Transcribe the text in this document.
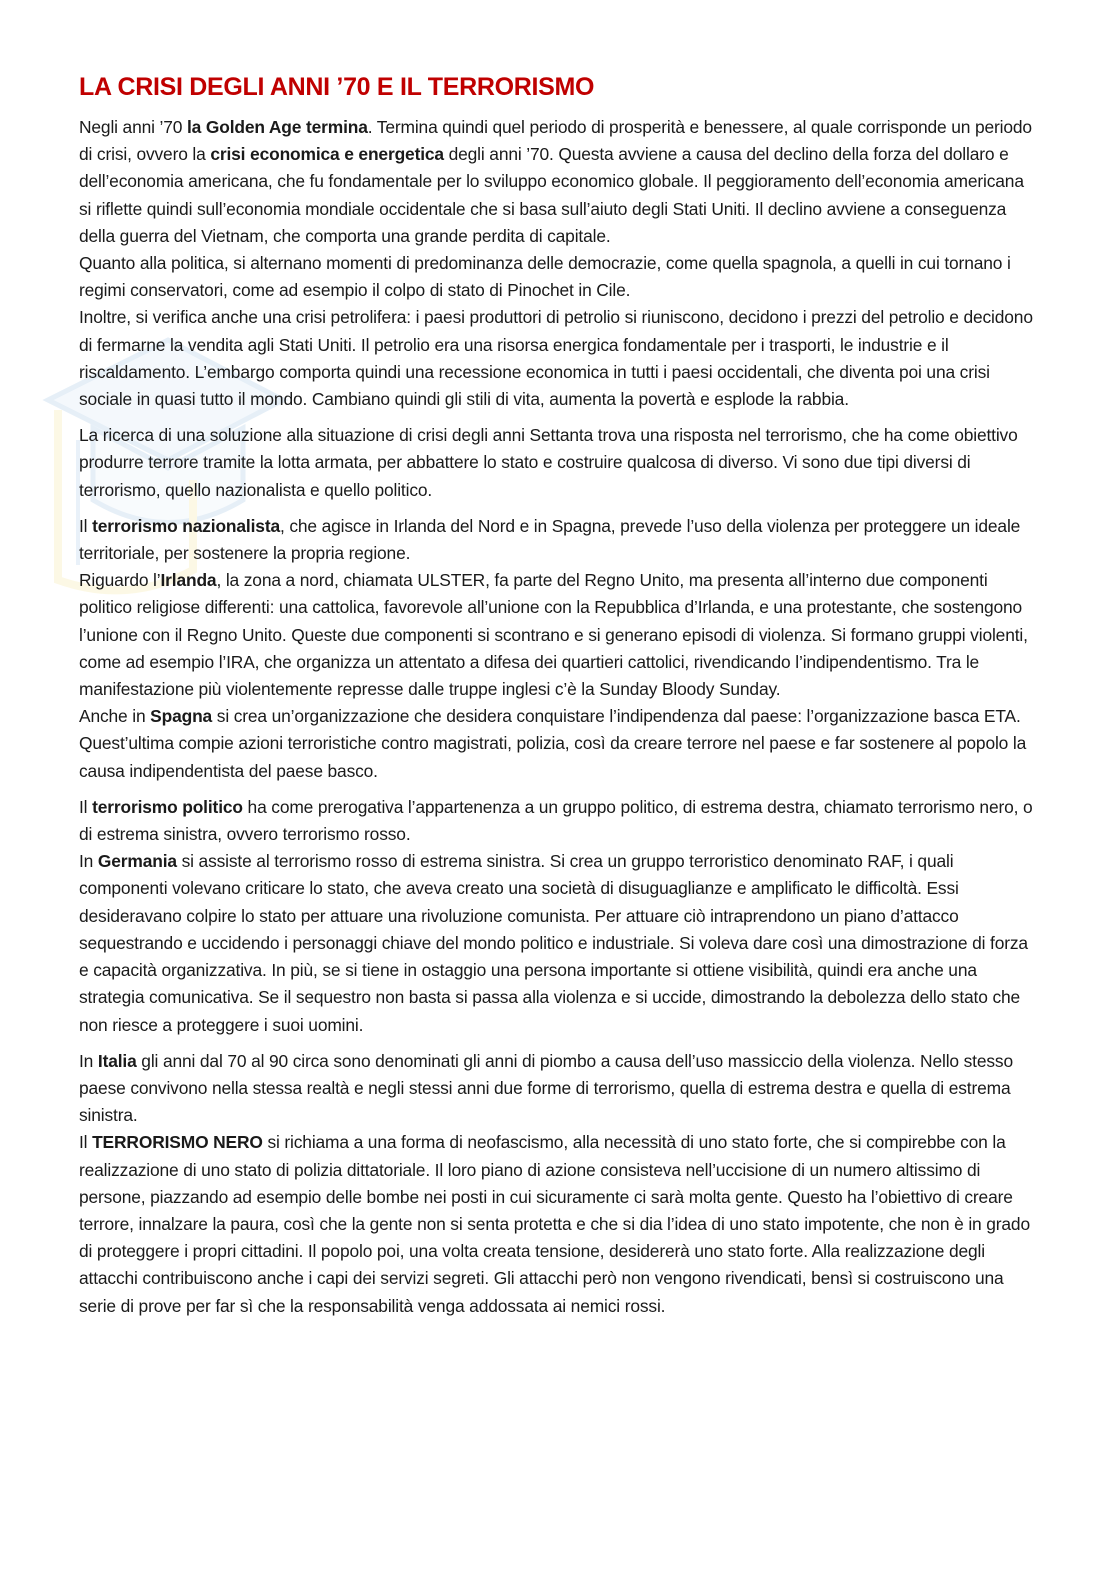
LA CRISI DEGLI ANNI ’70 E IL TERRORISMO

Negli anni ’70 la Golden Age termina. Termina quindi quel periodo di prosperità e benessere, al quale corrisponde un periodo di crisi, ovvero la crisi economica e energetica degli anni ’70. Questa avviene a causa del declino della forza del dollaro e dell’economia americana, che fu fondamentale per lo sviluppo economico globale. Il peggioramento dell’economia americana si riflette quindi sull’economia mondiale occidentale che si basa sull’aiuto degli Stati Uniti. Il declino avviene a conseguenza della guerra del Vietnam, che comporta una grande perdita di capitale.

Quanto alla politica, si alternano momenti di predominanza delle democrazie, come quella spagnola, a quelli in cui tornano i regimi conservatori, come ad esempio il colpo di stato di Pinochet in Cile.

Inoltre, si verifica anche una crisi petrolifera: i paesi produttori di petrolio si riuniscono, decidono i prezzi del petrolio e decidono di fermarne la vendita agli Stati Uniti. Il petrolio era una risorsa energica fondamentale per i trasporti, le industrie e il riscaldamento. L’embargo comporta quindi una recessione economica in tutti i paesi occidentali, che diventa poi una crisi sociale in quasi tutto il mondo. Cambiano quindi gli stili di vita, aumenta la povertà e esplode la rabbia.

La ricerca di una soluzione alla situazione di crisi degli anni Settanta trova una risposta nel terrorismo, che ha come obiettivo produrre terrore tramite la lotta armata, per abbattere lo stato e costruire qualcosa di diverso. Vi sono due tipi diversi di terrorismo, quello nazionalista e quello politico.

Il terrorismo nazionalista, che agisce in Irlanda del Nord e in Spagna, prevede l’uso della violenza per proteggere un ideale territoriale, per sostenere la propria regione.

Riguardo l’Irlanda, la zona a nord, chiamata ULSTER, fa parte del Regno Unito, ma presenta all’interno due componenti politico religiose differenti: una cattolica, favorevole all’unione con la Repubblica d’Irlanda, e una protestante, che sostengono l’unione con il Regno Unito. Queste due componenti si scontrano e si generano episodi di violenza. Si formano gruppi violenti, come ad esempio l’IRA, che organizza un attentato a difesa dei quartieri cattolici, rivendicando l’indipendentismo. Tra le manifestazione più violentemente represse dalle truppe inglesi c’è la Sunday Bloody Sunday.

Anche in Spagna si crea un’organizzazione che desidera conquistare l’indipendenza dal paese: l’organizzazione basca ETA. Quest’ultima compie azioni terroristiche contro magistrati, polizia, così da creare terrore nel paese e far sostenere al popolo la causa indipendentista del paese basco.

Il terrorismo politico ha come prerogativa l’appartenenza a un gruppo politico, di estrema destra, chiamato terrorismo nero, o di estrema sinistra, ovvero terrorismo rosso.

In Germania si assiste al terrorismo rosso di estrema sinistra. Si crea un gruppo terroristico denominato RAF, i quali componenti volevano criticare lo stato, che aveva creato una società di disuguaglianze e amplificato le difficoltà. Essi desideravano colpire lo stato per attuare una rivoluzione comunista. Per attuare ciò intraprendono un piano d’attacco sequestrando e uccidendo i personaggi chiave del mondo politico e industriale. Si voleva dare così una dimostrazione di forza e capacità organizzativa. In più, se si tiene in ostaggio una persona importante si ottiene visibilità, quindi era anche una strategia comunicativa. Se il sequestro non basta si passa alla violenza e si uccide, dimostrando la debolezza dello stato che non riesce a proteggere i suoi uomini.

In Italia gli anni dal 70 al 90 circa sono denominati gli anni di piombo a causa dell’uso massiccio della violenza. Nello stesso paese convivono nella stessa realtà e negli stessi anni due forme di terrorismo, quella di estrema destra e quella di estrema sinistra.

Il TERRORISMO NERO si richiama a una forma di neofascismo, alla necessità di uno stato forte, che si compirebbe con la realizzazione di uno stato di polizia dittatoriale. Il loro piano di azione consisteva nell’uccisione di un numero altissimo di persone, piazzando ad esempio delle bombe nei posti in cui sicuramente ci sarà molta gente. Questo ha l’obiettivo di creare terrore, innalzare la paura, così che la gente non si senta protetta e che si dia l’idea di uno stato impotente, che non è in grado di proteggere i propri cittadini. Il popolo poi, una volta creata tensione, desidererà uno stato forte. Alla realizzazione degli attacchi contribuiscono anche i capi dei servizi segreti. Gli attacchi però non vengono rivendicati, bensì si costruiscono una serie di prove per far sì che la responsabilità venga addossata ai nemici rossi.
